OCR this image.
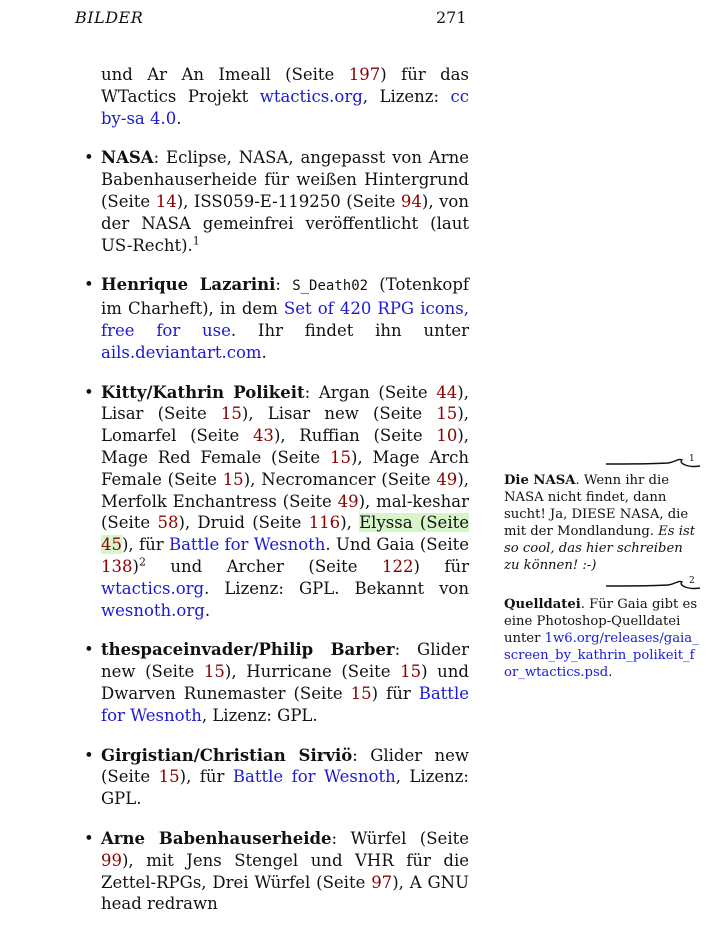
BILDER	271
und Ar An Imeall (Seite 197) für das WTactics Projekt wtactics.org, Lizenz: cc by-sa 4.0.
• NASA: Eclipse, NASA, angepasst von Arne Babenhauserheide für weißen Hintergrund (Seite 14), ISS059-E-119250 (Seite 94), von der NASA gemeinfrei veröffentlicht (laut US-Recht).$^1$
• Henrique Lazarini: S_Death02 (Totenkopf im Charheft), in dem Set of 420 RPG icons, free for use. Ihr findet ihn unter ails.deviantart.com.
• Kitty/Kathrin Polikeit: Argan (Seite 44), Lisar (Seite 15), Lisar new (Seite 15), Lomarfel (Seite 43), Ruffian (Seite 10), Mage Red Female (Seite 15), Mage Arch Female (Seite 15), Necromancer (Seite 49), Merfolk Enchantress (Seite 49), mal-keshar (Seite 58), Druid (Seite 116), Elyssa (Seite 45), für Battle for Wesnoth. Und Gaia (Seite 138)$^2$ und Archer (Seite 122) für wtactics.org. Lizenz: GPL. Bekannt von wesnoth.org.
• thespaceinvader/Philip Barber: Glider new (Seite 15), Hurricane (Seite 15) und Dwarven Runemaster (Seite 15) für Battle for Wesnoth, Lizenz: GPL.
• Girgistian/Christian Sirviö: Glider new (Seite 15), für Battle for Wesnoth, Lizenz: GPL.
• Arne Babenhauserheide: Würfel (Seite 99), mit Jens Stengel und VHR für die Zettel-RPGs, Drei Würfel (Seite 97), A GNU head redrawn
1
2
Die NASA. Wenn ihr die NASA nicht findet, dann sucht! Ja, DIESE NASA, die mit der Mondlandung. Es ist so cool, das hier schreiben zu können! :-)
Quelldatei. Für Gaia gibt es eine Photoshop-Quelldatei unter 1w6.org/releases/gaia_screen_by_kathrin_polikeit_for_wtactics.psd.
